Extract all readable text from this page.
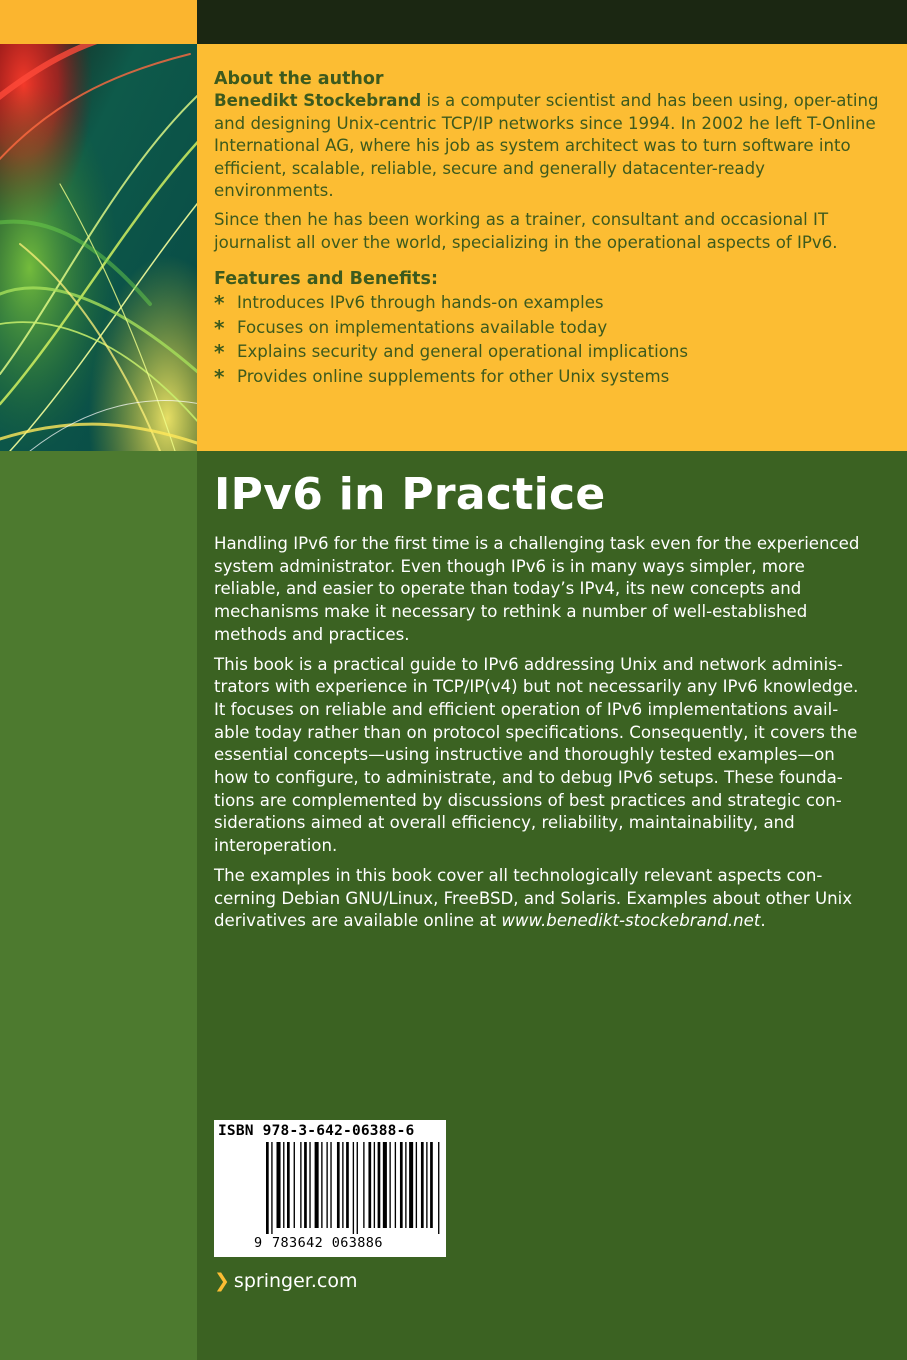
About the author

Benedikt Stockebrand is a computer scientist and has been using, oper-ating and designing Unix-centric TCP/IP networks since 1994. In 2002 he left T-Online International AG, where his job as system architect was to turn software into efficient, scalable, reliable, secure and generally datacenter-ready environments.

Since then he has been working as a trainer, consultant and occasional IT journalist all over the world, specializing in the operational aspects of IPv6.

Features and Benefits:
* Introduces IPv6 through hands-on examples
* Focuses on implementations available today
* Explains security and general operational implications
* Provides online supplements for other Unix systems
IPv6 in Practice

Handling IPv6 for the first time is a challenging task even for the experienced system administrator. Even though IPv6 is in many ways simpler, more reliable, and easier to operate than today’s IPv4, its new concepts and mechanisms make it necessary to rethink a number of well-established methods and practices.

This book is a practical guide to IPv6 addressing Unix and network adminis-trators with experience in TCP/IP(v4) but not necessarily any IPv6 knowledge. It focuses on reliable and efficient operation of IPv6 implementations avail-able today rather than on protocol specifications. Consequently, it covers the essential concepts—using instructive and thoroughly tested examples—on how to configure, to administrate, and to debug IPv6 setups. These founda-tions are complemented by discussions of best practices and strategic con-siderations aimed at overall efficiency, reliability, maintainability, and interoperation.

The examples in this book cover all technologically relevant aspects con-cerning Debian GNU/Linux, FreeBSD, and Solaris. Examples about other Unix derivatives are available online at www.benedikt-stockebrand.net.

ISBN 978-3-642-06388-6
9 783642 063886
❯ springer.com
